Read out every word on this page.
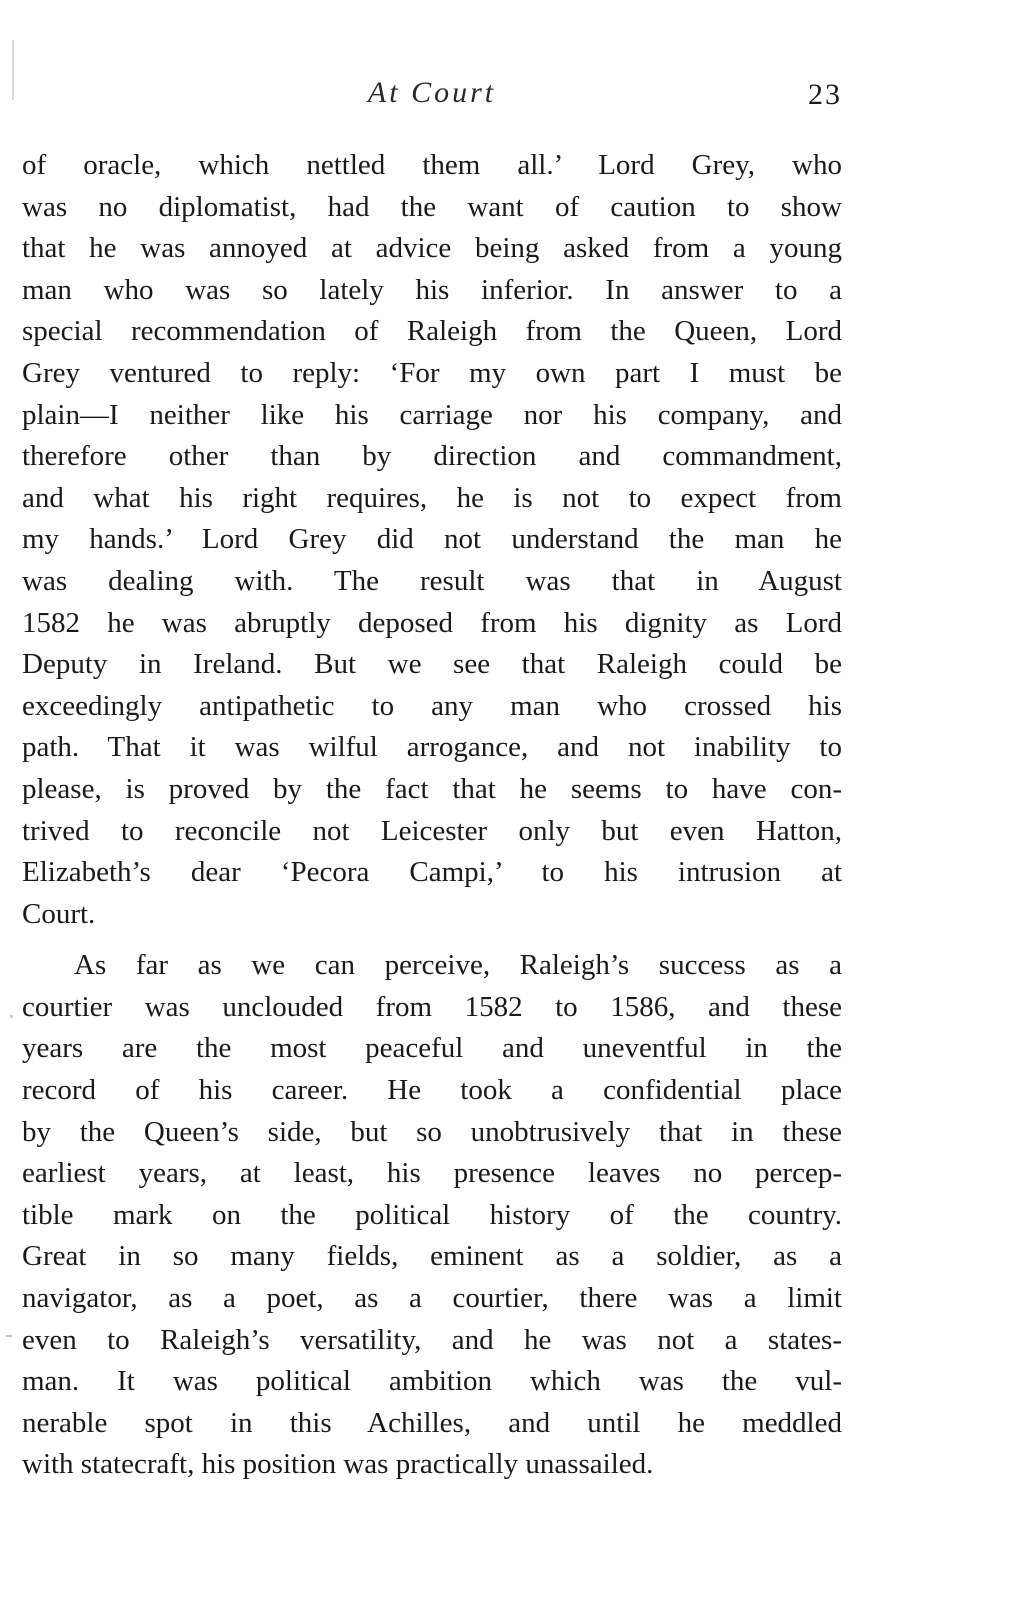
At Court	23
of oracle, which nettled them all.’ Lord Grey, who
was no diplomatist, had the want of caution to show
that he was annoyed at advice being asked from a young
man who was so lately his inferior. In answer to a
special recommendation of Raleigh from the Queen, Lord
Grey ventured to reply: ‘For my own part I must be
plain—I neither like his carriage nor his company, and
therefore other than by direction and commandment,
and what his right requires, he is not to expect from
my hands.’ Lord Grey did not understand the man he
was dealing with. The result was that in August
1582 he was abruptly deposed from his dignity as Lord
Deputy in Ireland. But we see that Raleigh could be
exceedingly antipathetic to any man who crossed his
path. That it was wilful arrogance, and not inability to
please, is proved by the fact that he seems to have con-
trived to reconcile not Leicester only but even Hatton,
Elizabeth’s dear ‘Pecora Campi,’ to his intrusion at
Court.
As far as we can perceive, Raleigh’s success as a
courtier was unclouded from 1582 to 1586, and these
years are the most peaceful and uneventful in the
record of his career. He took a confidential place
by the Queen’s side, but so unobtrusively that in these
earliest years, at least, his presence leaves no percep-
tible mark on the political history of the country.
Great in so many fields, eminent as a soldier, as a
navigator, as a poet, as a courtier, there was a limit
even to Raleigh’s versatility, and he was not a states-
man. It was political ambition which was the vul-
nerable spot in this Achilles, and until he meddled
with statecraft, his position was practically unassailed.
